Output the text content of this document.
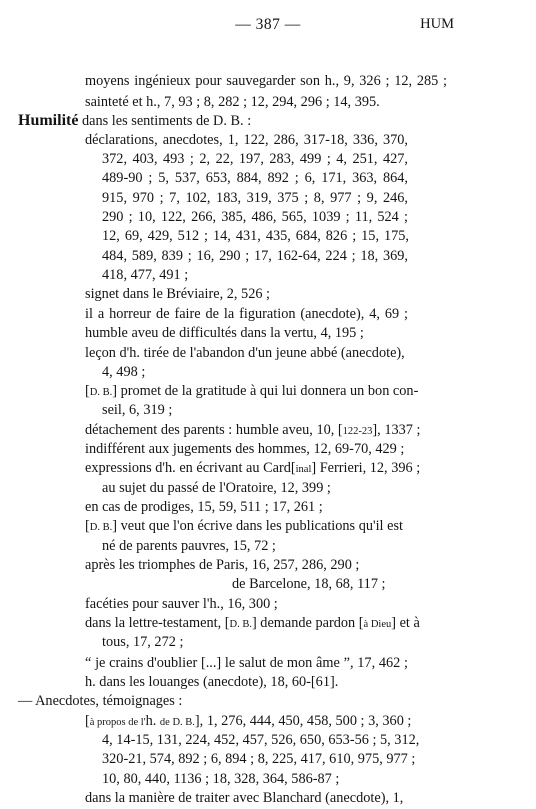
— 387 —	HUM
moyens ingénieux pour sauvegarder son h., 9, 326 ; 12, 285 ;
sainteté et h., 7, 93 ; 8, 282 ; 12, 294, 296 ; 14, 395.
Humilité dans les sentiments de D. B. :
déclarations, anecdotes, 1, 122, 286, 317-18, 336, 370,
372, 403, 493 ; 2, 22, 197, 283, 499 ; 4, 251, 427,
489-90 ; 5, 537, 653, 884, 892 ; 6, 171, 363, 864,
915, 970 ; 7, 102, 183, 319, 375 ; 8, 977 ; 9, 246,
290 ; 10, 122, 266, 385, 486, 565, 1039 ; 11, 524 ;
12, 69, 429, 512 ; 14, 431, 435, 684, 826 ; 15, 175,
484, 589, 839 ; 16, 290 ; 17, 162-64, 224 ; 18, 369,
418, 477, 491 ;
signet dans le Bréviaire, 2, 526 ;
il a horreur de faire de la figuration (anecdote), 4, 69 ;
humble aveu de difficultés dans la vertu, 4, 195 ;
leçon d'h. tirée de l'abandon d'un jeune abbé (anecdote),
4, 498 ;
[D. B.] promet de la gratitude à qui lui donnera un bon con-
seil, 6, 319 ;
détachement des parents : humble aveu, 10, [122-23], 1337 ;
indifférent aux jugements des hommes, 12, 69-70, 429 ;
expressions d'h. en écrivant au Card[inal] Ferrieri, 12, 396 ;
au sujet du passé de l'Oratoire, 12, 399 ;
en cas de prodiges, 15, 59, 511 ; 17, 261 ;
[D. B.] veut que l'on écrive dans les publications qu'il est
né de parents pauvres, 15, 72 ;
après les triomphes de Paris, 16, 257, 286, 290 ;
de Barcelone, 18, 68, 117 ;
facéties pour sauver l'h., 16, 300 ;
dans la lettre-testament, [D. B.] demande pardon [à Dieu] et à
tous, 17, 272 ;
“ je crains d'oublier [...] le salut de mon âme ”, 17, 462 ;
h. dans les louanges (anecdote), 18, 60-[61].
— Anecdotes, témoignages :
[à propos de l'h. de D. B.], 1, 276, 444, 450, 458, 500 ; 3, 360 ;
4, 14-15, 131, 224, 452, 457, 526, 650, 653-56 ; 5, 312,
320-21, 574, 892 ; 6, 894 ; 8, 225, 417, 610, 975, 977 ;
10, 80, 440, 1136 ; 18, 328, 364, 586-87 ;
dans la manière de traiter avec Blanchard (anecdote), 1,
